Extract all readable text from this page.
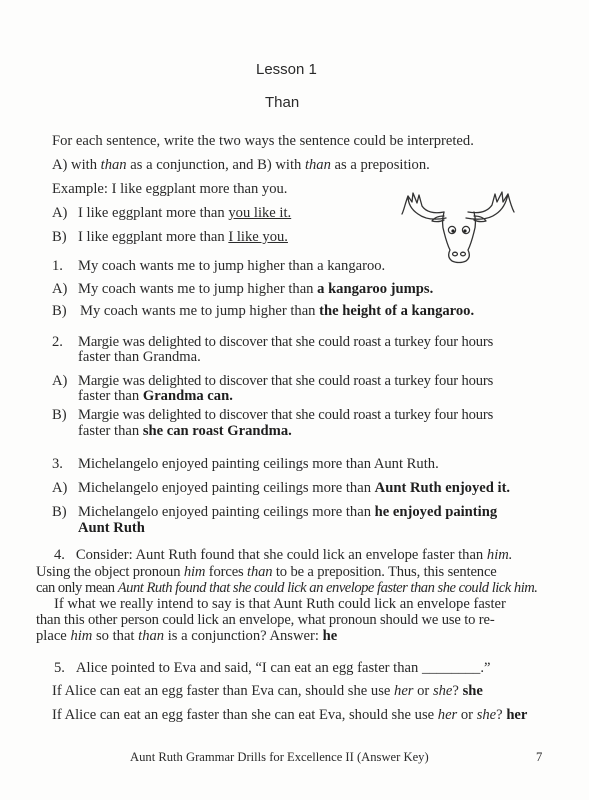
Lesson 1
Than
For each sentence, write the two ways the sentence could be interpreted.
A) with than as a conjunction, and B) with than as a preposition.
Example: I like eggplant more than you.
A) I like eggplant more than you like it.
B) I like eggplant more than I like you.
1. My coach wants me to jump higher than a kangaroo.
A) My coach wants me to jump higher than a kangaroo jumps.
B) My coach wants me to jump higher than the height of a kangaroo.
2. Margie was delighted to discover that she could roast a turkey four hours
faster than Grandma.
A) Margie was delighted to discover that she could roast a turkey four hours
faster than Grandma can.
B) Margie was delighted to discover that she could roast a turkey four hours
faster than she can roast Grandma.
3. Michelangelo enjoyed painting ceilings more than Aunt Ruth.
A) Michelangelo enjoyed painting ceilings more than Aunt Ruth enjoyed it.
B) Michelangelo enjoyed painting ceilings more than he enjoyed painting
Aunt Ruth
4. Consider: Aunt Ruth found that she could lick an envelope faster than him.
Using the object pronoun him forces than to be a preposition. Thus, this sentence
can only mean Aunt Ruth found that she could lick an envelope faster than she could lick him.
If what we really intend to say is that Aunt Ruth could lick an envelope faster
than this other person could lick an envelope, what pronoun should we use to re-
place him so that than is a conjunction? Answer: he
5. Alice pointed to Eva and said, “I can eat an egg faster than ________.”
If Alice can eat an egg faster than Eva can, should she use her or she? she
If Alice can eat an egg faster than she can eat Eva, should she use her or she? her
Aunt Ruth Grammar Drills for Excellence II (Answer Key)	7
